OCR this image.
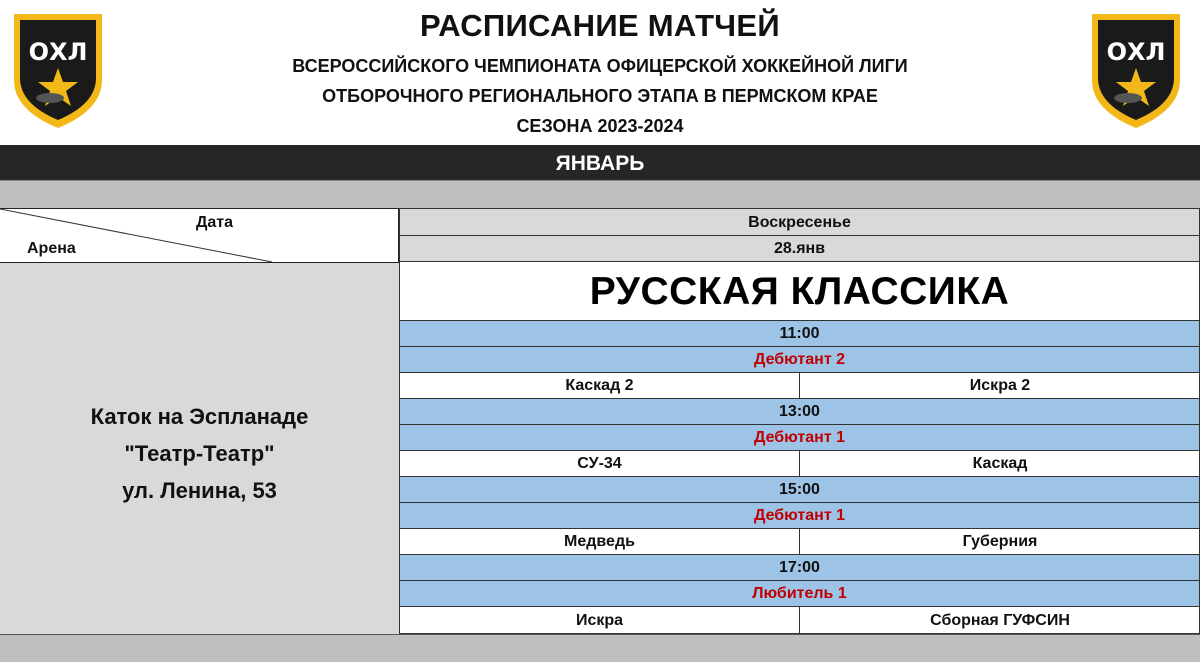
ОХЛ	ОХЛ
РАСПИСАНИЕ МАТЧЕЙ
ВСЕРОССИЙСКОГО ЧЕМПИОНАТА ОФИЦЕРСКОЙ ХОККЕЙНОЙ ЛИГИ
ОТБОРОЧНОГО РЕГИОНАЛЬНОГО ЭТАПА В ПЕРМСКОМ КРАЕ
СЕЗОНА 2023-2024
ЯНВАРЬ
Дата
Арена
Каток на Эспланаде
"Театр-Театр"
ул. Ленина, 53
Воскресенье
28.янв
РУССКАЯ КЛАССИКА
11:00
Дебютант 2
Каскад 2	Искра 2
13:00
Дебютант 1
СУ-34	Каскад
15:00
Дебютант 1
Медведь	Губерния
17:00
Любитель 1
Искра	Сборная ГУФСИН
